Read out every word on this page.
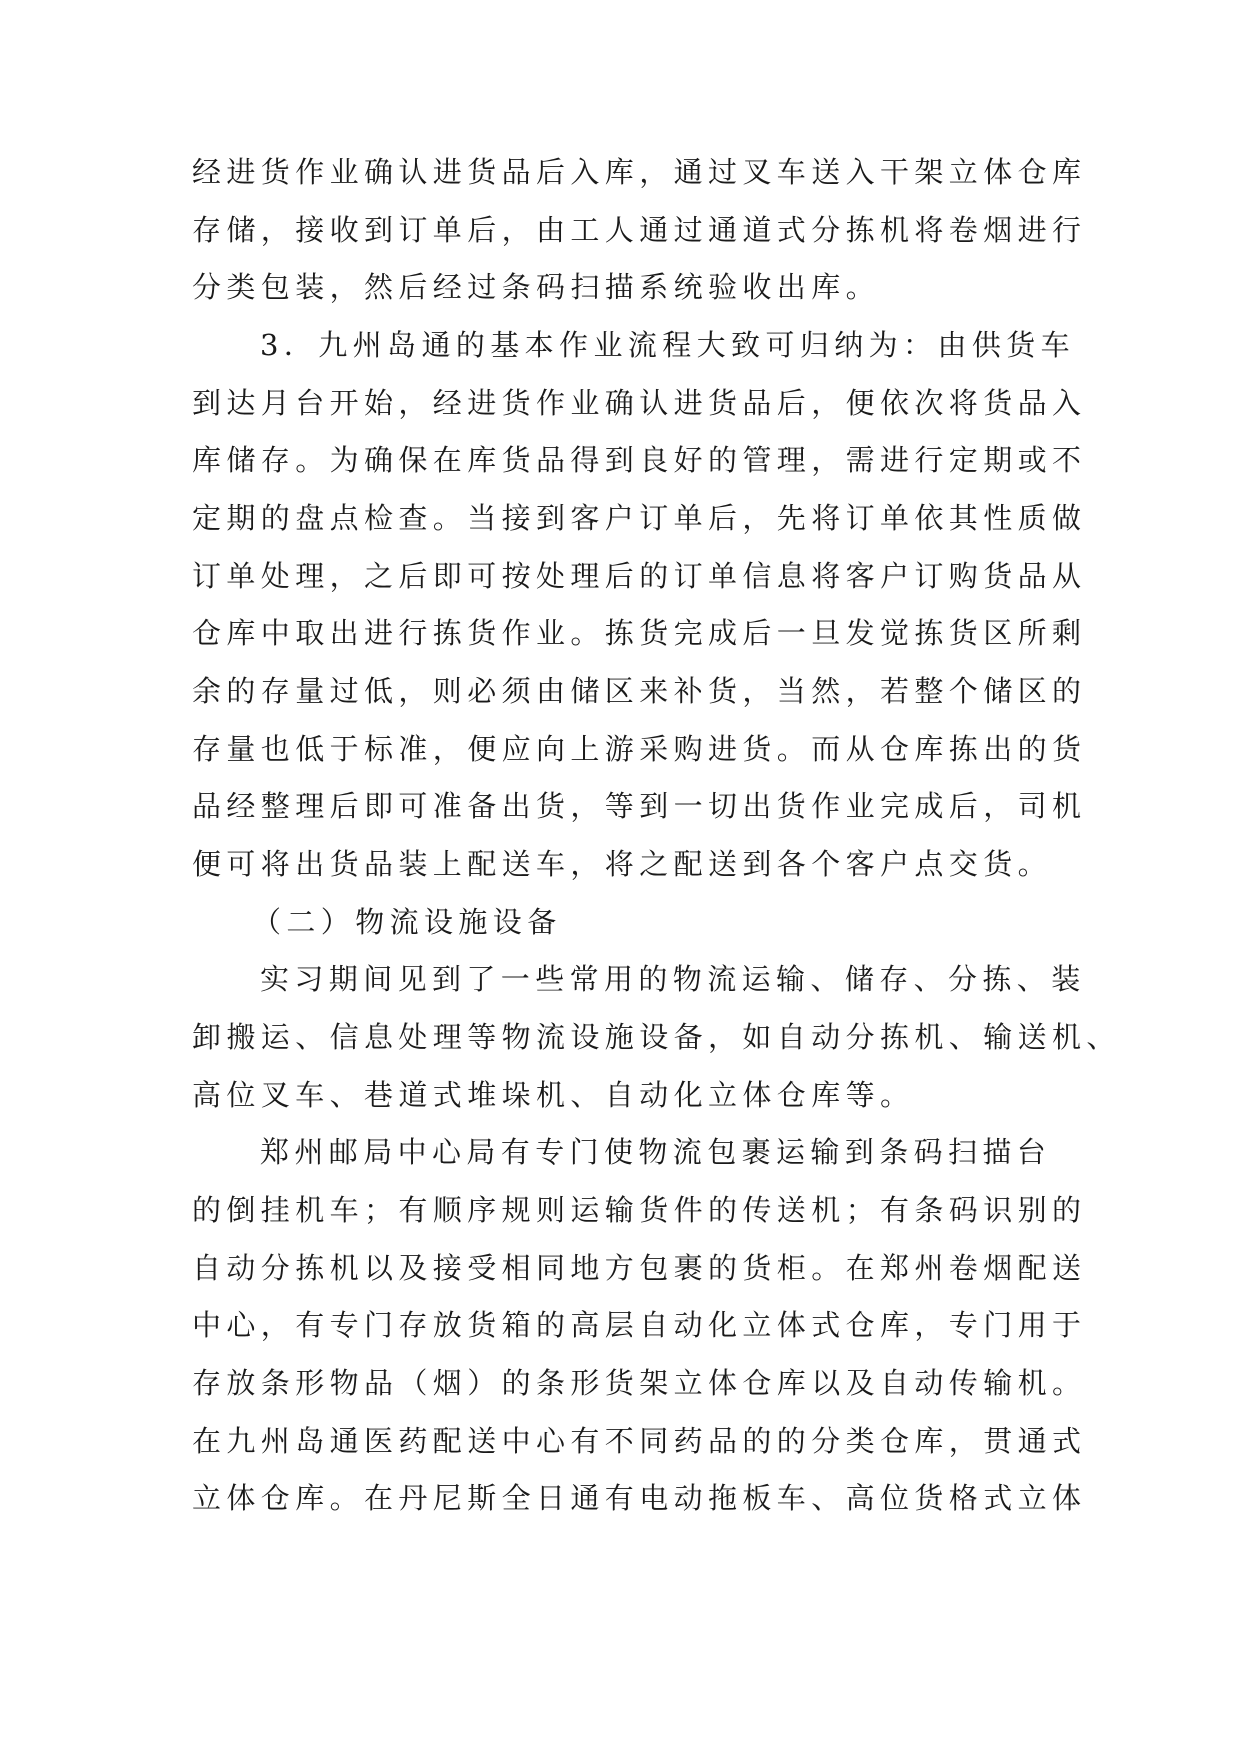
经进货作业确认进货品后入库，通过叉车送入干架立体仓库
存储，接收到订单后，由工人通过通道式分拣机将卷烟进行
分类包装，然后经过条码扫描系统验收出库。
3．九州岛通的基本作业流程大致可归纳为：由供货车
到达月台开始，经进货作业确认进货品后，便依次将货品入
库储存。为确保在库货品得到良好的管理，需进行定期或不
定期的盘点检查。当接到客户订单后，先将订单依其性质做
订单处理，之后即可按处理后的订单信息将客户订购货品从
仓库中取出进行拣货作业。拣货完成后一旦发觉拣货区所剩
余的存量过低，则必须由储区来补货，当然，若整个储区的
存量也低于标准，便应向上游采购进货。而从仓库拣出的货
品经整理后即可准备出货，等到一切出货作业完成后，司机
便可将出货品装上配送车，将之配送到各个客户点交货。
（二）物流设施设备
实习期间见到了一些常用的物流运输、储存、分拣、装
卸搬运、信息处理等物流设施设备，如自动分拣机、输送机、
高位叉车、巷道式堆垛机、自动化立体仓库等。
郑州邮局中心局有专门使物流包裹运输到条码扫描台
的倒挂机车；有顺序规则运输货件的传送机；有条码识别的
自动分拣机以及接受相同地方包裹的货柜。在郑州卷烟配送
中心，有专门存放货箱的高层自动化立体式仓库，专门用于
存放条形物品（烟）的条形货架立体仓库以及自动传输机。
在九州岛通医药配送中心有不同药品的的分类仓库，贯通式
立体仓库。在丹尼斯全日通有电动拖板车、高位货格式立体
